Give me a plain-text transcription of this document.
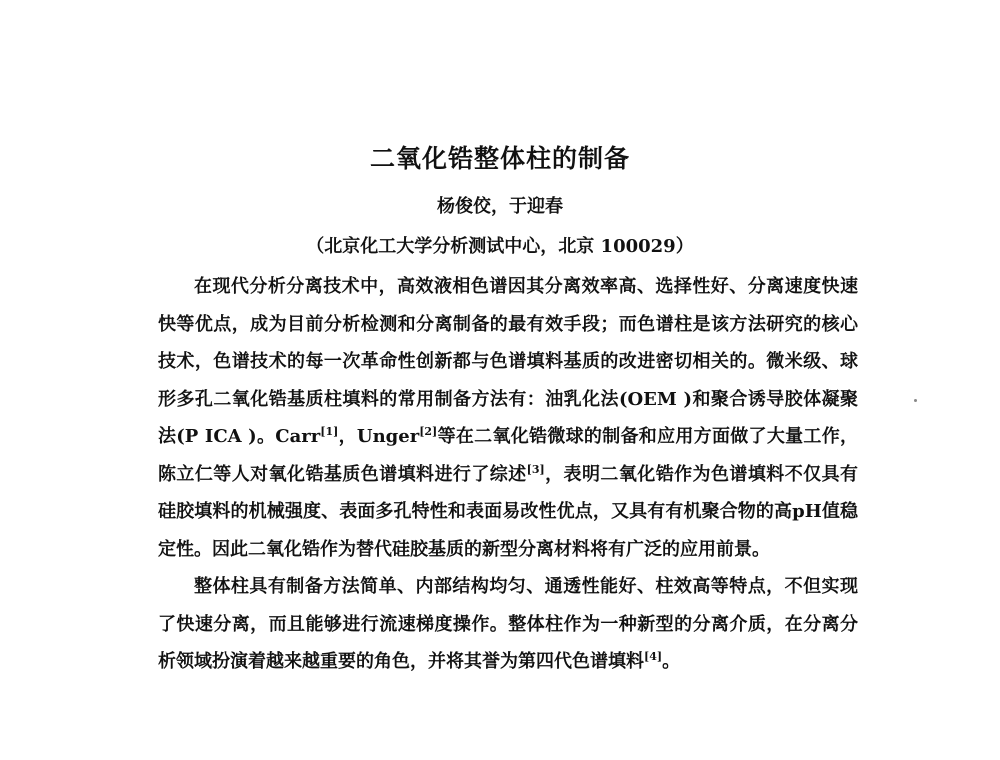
二氧化锆整体柱的制备
杨俊佼，于迎春
（北京化工大学分析测试中心，北京 100029）

在现代分析分离技术中，高效液相色谱因其分离效率高、选择性好、分离速度快速快等优点，成为目前分析检测和分离制备的最有效手段；而色谱柱是该方法研究的核心技术，色谱技术的每一次革命性创新都与色谱填料基质的改进密切相关的。微米级、球形多孔二氧化锆基质柱填料的常用制备方法有：油乳化法(OEM )和聚合诱导胶体凝聚法(P ICA )。Carr[1]，Unger[2]等在二氧化锆微球的制备和应用方面做了大量工作，陈立仁等人对氧化锆基质色谱填料进行了综述[3]，表明二氧化锆作为色谱填料不仅具有硅胶填料的机械强度、表面多孔特性和表面易改性优点，又具有有机聚合物的高pH值稳定性。因此二氧化锆作为替代硅胶基质的新型分离材料将有广泛的应用前景。

整体柱具有制备方法简单、内部结构均匀、通透性能好、柱效高等特点，不但实现了快速分离，而且能够进行流速梯度操作。整体柱作为一种新型的分离介质，在分离分析领域扮演着越来越重要的角色，并将其誉为第四代色谱填料[4]。
